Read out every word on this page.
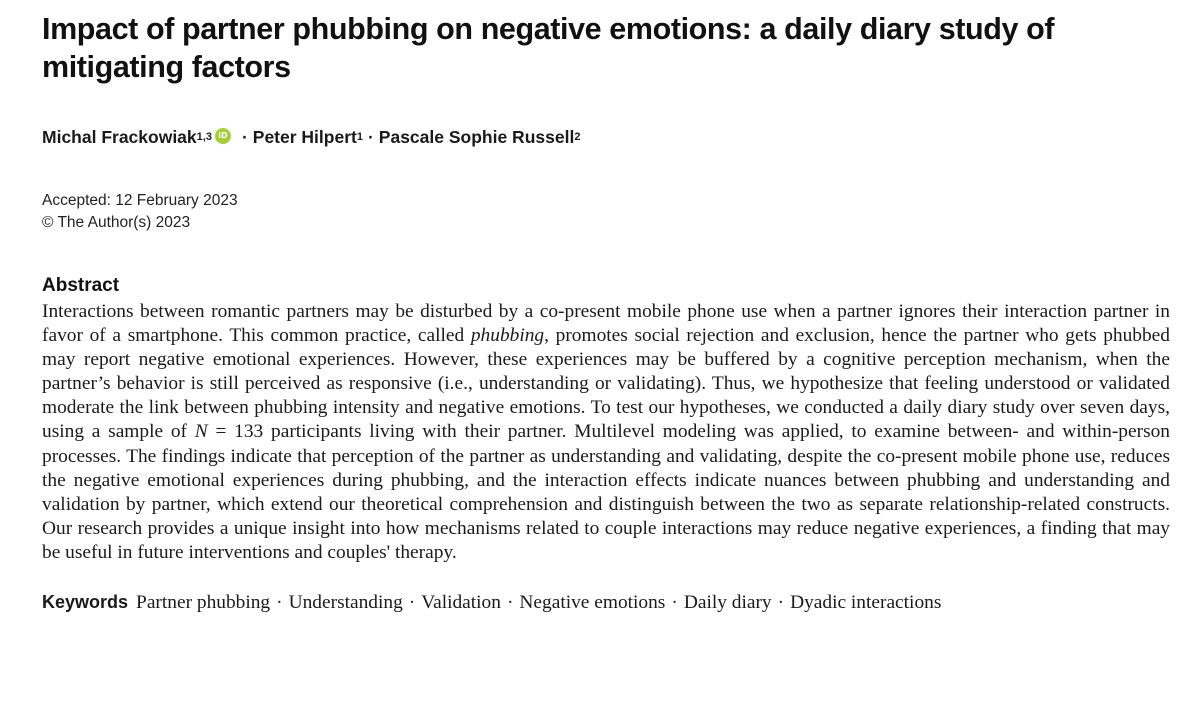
Impact of partner phubbing on negative emotions: a daily diary study of mitigating factors
Michal Frackowiak 1,3 iD · Peter Hilpert 1 · Pascale Sophie Russell 2
Accepted: 12 February 2023
© The Author(s) 2023
Abstract
Interactions between romantic partners may be disturbed by a co-present mobile phone use when a partner ignores their interaction partner in favor of a smartphone. This common practice, called phubbing, promotes social rejection and exclusion, hence the partner who gets phubbed may report negative emotional experiences. However, these experiences may be buffered by a cognitive perception mechanism, when the partner’s behavior is still perceived as responsive (i.e., understanding or validating). Thus, we hypothesize that feeling understood or validated moderate the link between phubbing intensity and negative emotions. To test our hypotheses, we conducted a daily diary study over seven days, using a sample of N = 133 participants living with their partner. Multilevel modeling was applied, to examine between- and within-person processes. The findings indicate that perception of the partner as understanding and validating, despite the co-present mobile phone use, reduces the negative emotional experiences during phubbing, and the interaction effects indicate nuances between phubbing and understanding and validation by partner, which extend our theoretical comprehension and distinguish between the two as separate relationship-related constructs. Our research provides a unique insight into how mechanisms related to couple interactions may reduce negative experiences, a finding that may be useful in future interventions and couples' therapy.
Keywords Partner phubbing · Understanding · Validation · Negative emotions · Daily diary · Dyadic interactions
